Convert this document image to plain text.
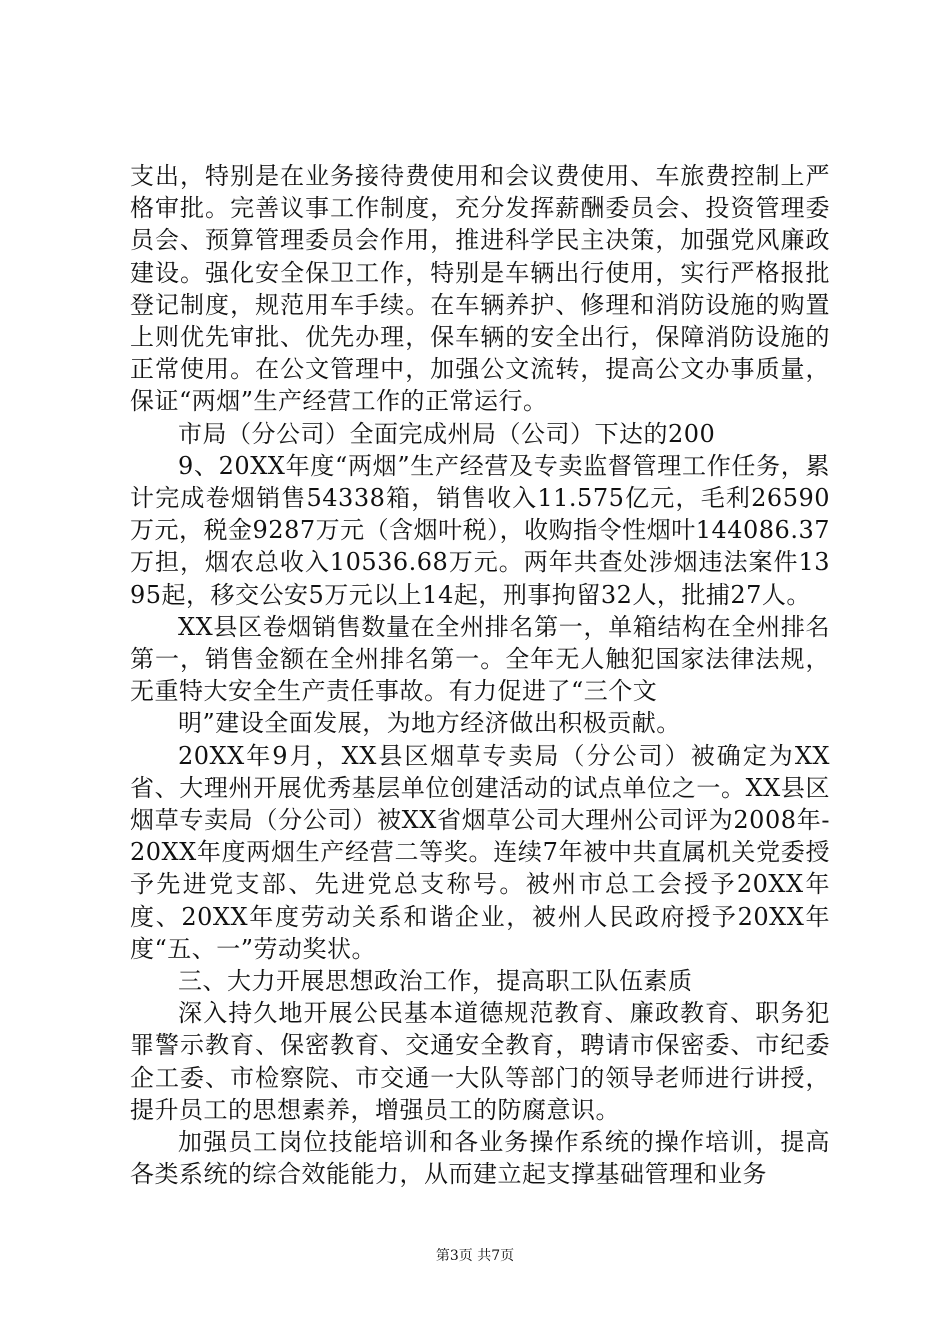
支出，特别是在业务接待费使用和会议费使用、车旅费控制上严格审批。完善议事工作制度，充分发挥薪酬委员会、投资管理委员会、预算管理委员会作用，推进科学民主决策，加强党风廉政建设。强化安全保卫工作，特别是车辆出行使用，实行严格报批登记制度，规范用车手续。在车辆养护、修理和消防设施的购置上则优先审批、优先办理，保车辆的安全出行，保障消防设施的正常使用。在公文管理中，加强公文流转，提高公文办事质量，保证“两烟”生产经营工作的正常运行。

市局（分公司）全面完成州局（公司）下达的200

9、20XX年度“两烟”生产经营及专卖监督管理工作任务，累计完成卷烟销售54338箱，销售收入11.575亿元，毛利26590万元，税金9287万元（含烟叶税），收购指令性烟叶144086.37万担，烟农总收入10536.68万元。两年共查处涉烟违法案件1395起，移交公安5万元以上14起，刑事拘留32人，批捕27人。

XX县区卷烟销售数量在全州排名第一，单箱结构在全州排名第一，销售金额在全州排名第一。全年无人触犯国家法律法规，无重特大安全生产责任事故。有力促进了“三个文

明”建设全面发展，为地方经济做出积极贡献。

20XX年9月，XX县区烟草专卖局（分公司）被确定为XX省、大理州开展优秀基层单位创建活动的试点单位之一。XX县区烟草专卖局（分公司）被XX省烟草公司大理州公司评为2008年-20XX年度两烟生产经营二等奖。连续7年被中共直属机关党委授予先进党支部、先进党总支称号。被州市总工会授予20XX年度、20XX年度劳动关系和谐企业，被州人民政府授予20XX年度“五、一”劳动奖状。

三、大力开展思想政治工作，提高职工队伍素质

深入持久地开展公民基本道德规范教育、廉政教育、职务犯罪警示教育、保密教育、交通安全教育，聘请市保密委、市纪委企工委、市检察院、市交通一大队等部门的领导老师进行讲授，提升员工的思想素养，增强员工的防腐意识。

加强员工岗位技能培训和各业务操作系统的操作培训，提高各类系统的综合效能能力，从而建立起支撑基础管理和业务

第3页 共7页
